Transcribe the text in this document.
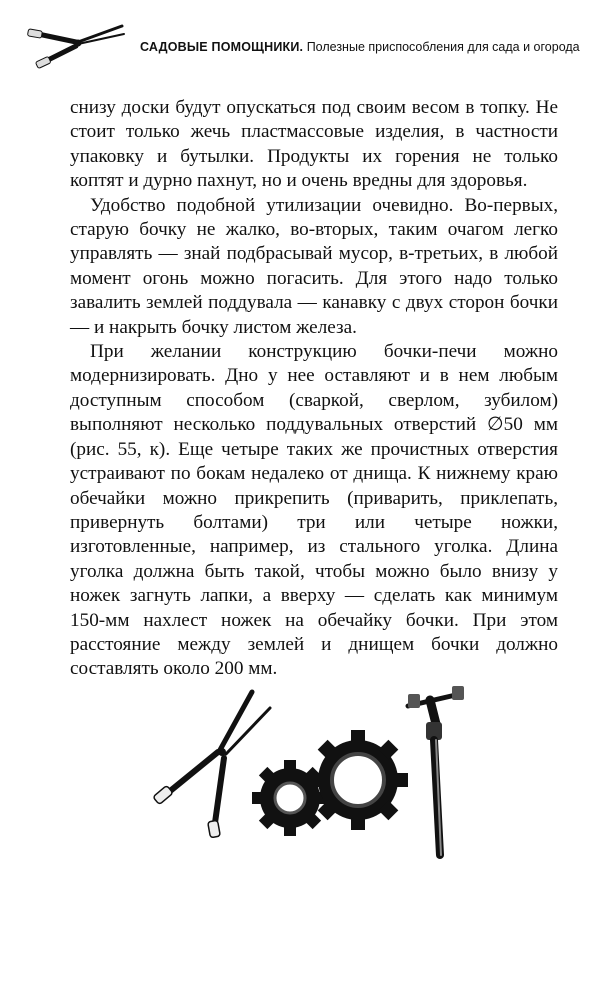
САДОВЫЕ ПОМОЩНИКИ. Полезные приспособления для сада и огорода

снизу доски будут опускаться под своим весом в топку. Не стоит только жечь пластмассовые изделия, в частности упаковку и бутылки. Продукты их горения не только коптят и дурно пахнут, но и очень вредны для здоровья.

Удобство подобной утилизации очевидно. Во-первых, старую бочку не жалко, во-вторых, таким очагом легко управлять — знай подбрасывай мусор, в-третьих, в любой момент огонь можно погасить. Для этого надо только завалить землей поддувала — канавку с двух сторон бочки — и накрыть бочку листом железа.

При желании конструкцию бочки-печи можно модернизировать. Дно у нее оставляют и в нем любым доступным способом (сваркой, сверлом, зубилом) выполняют несколько поддувальных отверстий ∅50 мм (рис. 55, к). Еще четыре таких же прочистных отверстия устраивают по бокам недалеко от днища. К нижнему краю обечайки можно прикрепить (приварить, приклепать, привернуть болтами) три или четыре ножки, изготовленные, например, из стального уголка. Длина уголка должна быть такой, чтобы можно было внизу у ножек загнуть лапки, а вверху — сделать как минимум 150-мм нахлест ножек на обечайку бочки. При этом расстояние между землей и днищем бочки должно составлять около 200 мм.
